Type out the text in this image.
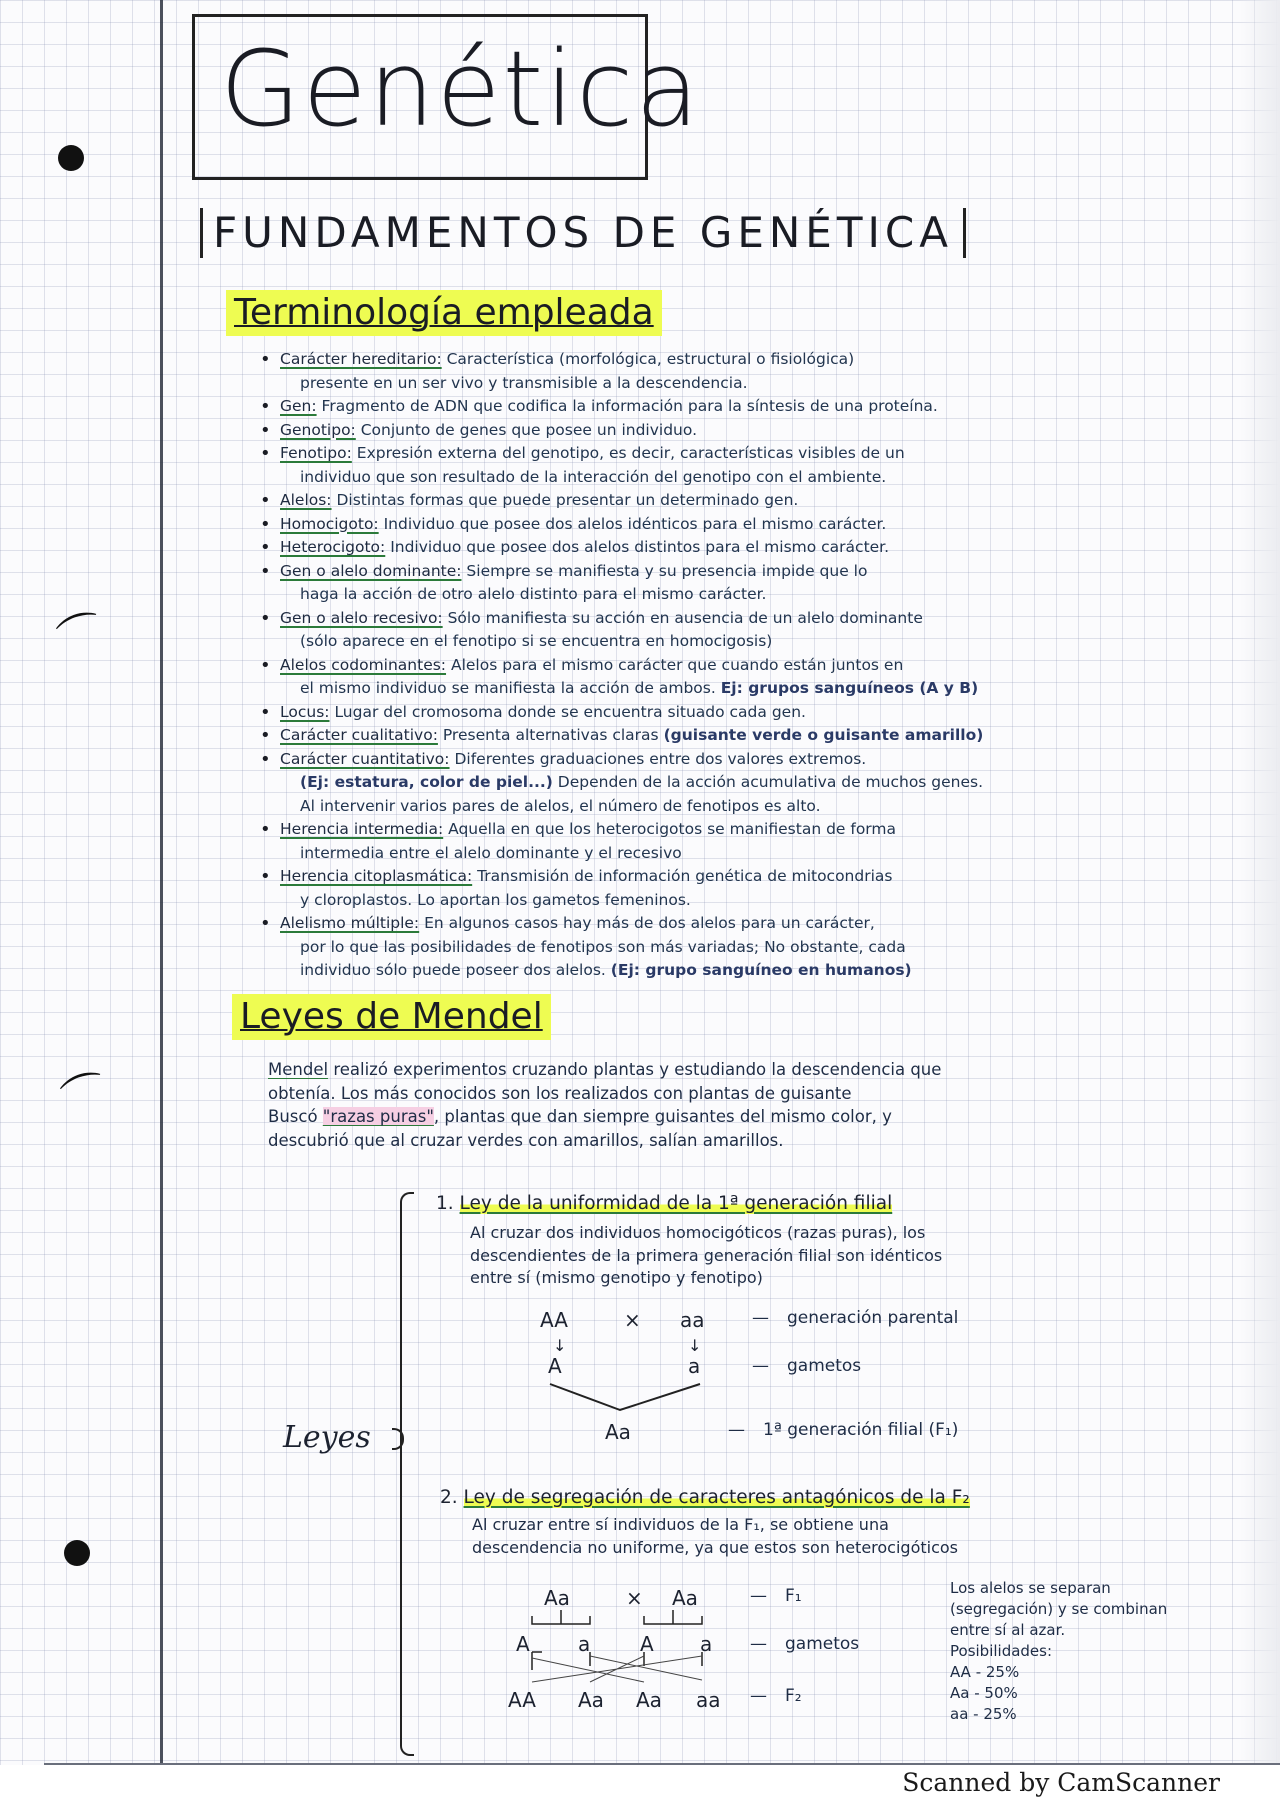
⌒
⌒
Genética
FUNDAMENTOS DE GENÉTICA
Terminología empleada
• Carácter hereditario: Característica (morfológica, estructural o fisiológica)
presente en un ser vivo y transmisible a la descendencia.
• Gen: Fragmento de ADN que codifica la información para la síntesis de una proteína.
• Genotipo: Conjunto de genes que posee un individuo.
• Fenotipo: Expresión externa del genotipo, es decir, características visibles de un
individuo que son resultado de la interacción del genotipo con el ambiente.
• Alelos: Distintas formas que puede presentar un determinado gen.
• Homocigoto: Individuo que posee dos alelos idénticos para el mismo carácter.
• Heterocigoto: Individuo que posee dos alelos distintos para el mismo carácter.
• Gen o alelo dominante: Siempre se manifiesta y su presencia impide que lo
haga la acción de otro alelo distinto para el mismo carácter.
• Gen o alelo recesivo: Sólo manifiesta su acción en ausencia de un alelo dominante
(sólo aparece en el fenotipo si se encuentra en homocigosis)
• Alelos codominantes: Alelos para el mismo carácter que cuando están juntos en
el mismo individuo se manifiesta la acción de ambos. Ej: grupos sanguíneos (A y B)
• Locus: Lugar del cromosoma donde se encuentra situado cada gen.
• Carácter cualitativo: Presenta alternativas claras (guisante verde o guisante amarillo)
• Carácter cuantitativo: Diferentes graduaciones entre dos valores extremos.
(Ej: estatura, color de piel...) Dependen de la acción acumulativa de muchos genes.
Al intervenir varios pares de alelos, el número de fenotipos es alto.
• Herencia intermedia: Aquella en que los heterocigotos se manifiestan de forma
intermedia entre el alelo dominante y el recesivo
• Herencia citoplasmática: Transmisión de información genética de mitocondrias
y cloroplastos. Lo aportan los gametos femeninos.
• Alelismo múltiple: En algunos casos hay más de dos alelos para un carácter,
por lo que las posibilidades de fenotipos son más variadas; No obstante, cada
individuo sólo puede poseer dos alelos. (Ej: grupo sanguíneo en humanos)
Leyes de Mendel
Mendel realizó experimentos cruzando plantas y estudiando la descendencia que
obtenía. Los más conocidos son los realizados con plantas de guisante
Buscó "razas puras", plantas que dan siempre guisantes del mismo color, y
descubrió que al cruzar verdes con amarillos, salían amarillos.
Leyes
1. Ley de la uniformidad de la 1ª generación filial
Al cruzar dos individuos homocigóticos (razas puras), los
descendientes de la primera generación filial son idénticos
entre sí (mismo genotipo y fenotipo)
AA	× aa
↓	↓
A	a
Aa
— generación parental
— gametos
— 1ª generación filial (F₁)
2. Ley de segregación de caracteres antagónicos de la F₂
Al cruzar entre sí individuos de la F₁, se obtiene una
descendencia no uniforme, ya que estos son heterocigóticos
Aa	× Aa
A a A a
AA Aa Aa aa
— F₁
— gametos
— F₂
Los alelos se separan
(segregación) y se combinan
entre sí al azar.
Posibilidades:
AA - 25%
Aa - 50%
aa - 25%
Scanned by CamScanner
